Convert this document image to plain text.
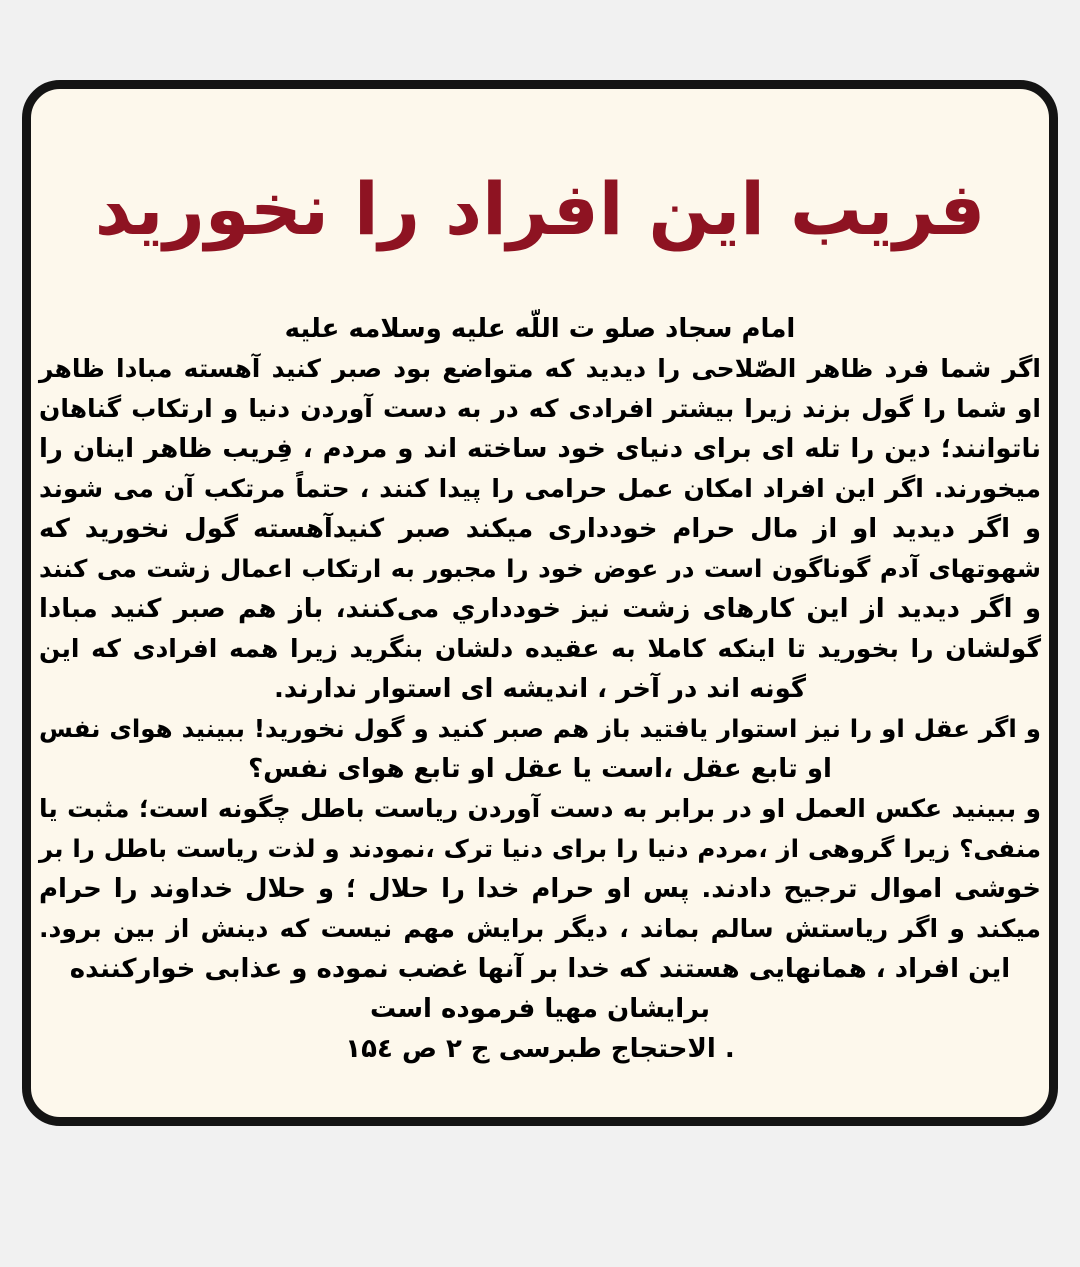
فریب این افراد را نخورید
امام سجاد صلو ت اللّه علیه وسلامه علیه
اگر شما فرد ظاهر الصّلاحی را دیدید که متواضع بود صبر کنید آهسته مبادا ظاهر
او شما را گول بزند زیرا بیشتر افرادی که در به دست آوردن دنیا و ارتکاب گناهان
ناتوانند؛ دین را تله ای برای دنیای خود ساخته اند و مردم ، فِریب ظاهر اینان را
میخورند. اگر این افراد امکان عمل حرامی را پیدا کنند ، حتماً مرتکب آن می شوند
و اگر دیدید او از مال حرام خودداری میکند صبر کنیدآهسته گول نخورید که
شهوتهای آدم گوناگون است در عوض خود را مجبور به ارتکاب اعمال زشت می کنند
و اگر دیدید از این کارهای زشت نیز خودداري می‌کنند، باز هم صبر کنید مبادا
گولشان را بخورید تا اینکه کاملا به عقیده دلشان بنگرید زیرا همه افرادی که این
گونه اند در آخر ، اندیشه ای استوار ندارند.
و اگر عقل او را نیز استوار یافتید باز هم صبر کنید و گول نخورید! ببینید هوای نفس
او تابع عقل ،است یا عقل او تابع هوای نفس؟
و ببینید عکس العمل او در برابر به دست آوردن ریاست باطل چگونه است؛ مثبت یا
منفی؟ زیرا گروهی از ،مردم دنیا را برای دنیا ترک ،نمودند و لذت ریاست باطل را بر
خوشی اموال ترجیح دادند. پس او حرام خدا را حلال ؛ و حلال خداوند را حرام
میکند و اگر ریاستش سالم بماند ، دیگر برایش مهم نیست که دینش از بین برود.
این افراد ، همانهایی هستند که خدا بر آنها غضب نموده و عذابی خوارکننده
برایشان مهیا فرموده است
. الاحتجاج طبرسی ج ۲ ص ۱۵٤
